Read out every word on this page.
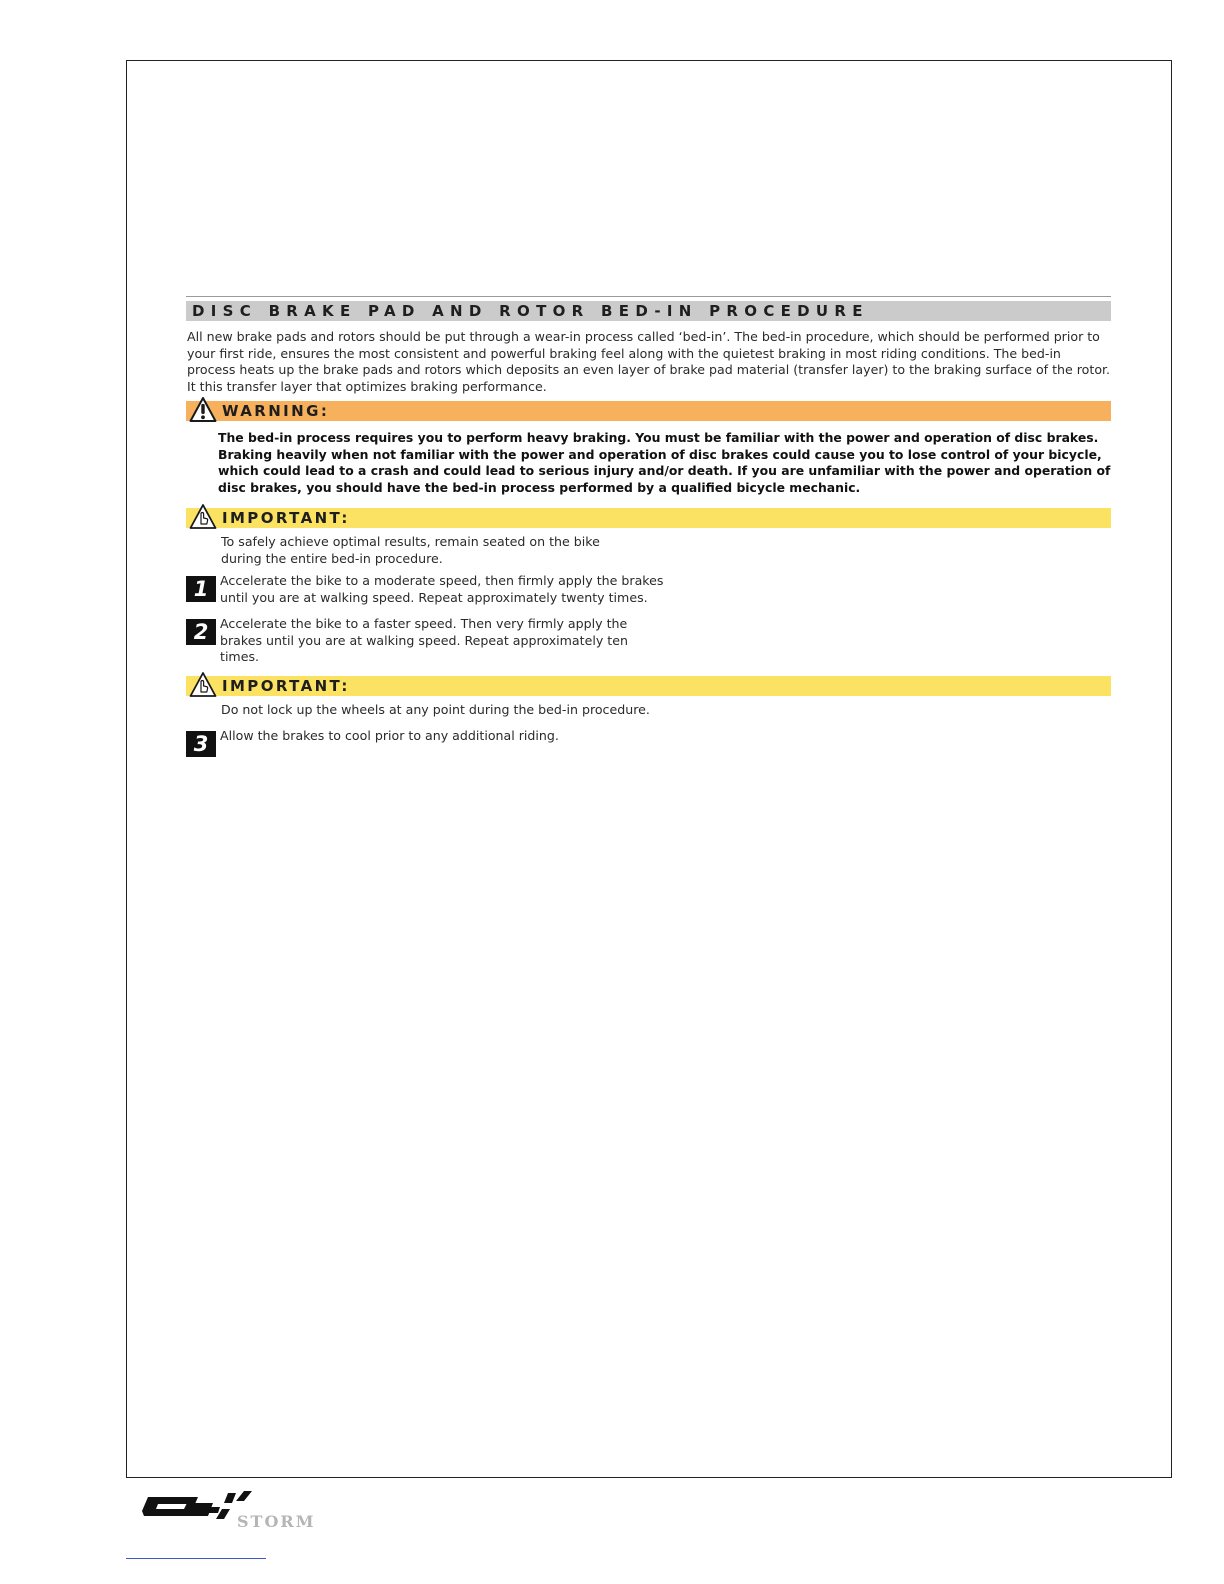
DISC BRAKE PAD AND ROTOR BED-IN PROCEDURE

All new brake pads and rotors should be put through a wear-in process called ‘bed-in’. The bed-in procedure, which should be performed prior to your first ride, ensures the most consistent and powerful braking feel along with the quietest braking in most riding conditions. The bed-in process heats up the brake pads and rotors which deposits an even layer of brake pad material (transfer layer) to the braking surface of the rotor. It this transfer layer that optimizes braking performance.

WARNING:

The bed-in process requires you to perform heavy braking. You must be familiar with the power and operation of disc brakes. Braking heavily when not familiar with the power and operation of disc brakes could cause you to lose control of your bicycle, which could lead to a crash and could lead to serious injury and/or death. If you are unfamiliar with the power and operation of disc brakes, you should have the bed-in process performed by a qualified bicycle mechanic.

IMPORTANT:

To safely achieve optimal results, remain seated on the bike during the entire bed-in procedure.

1 Accelerate the bike to a moderate speed, then firmly apply the brakes until you are at walking speed. Repeat approximately twenty times.
2 Accelerate the bike to a faster speed. Then very firmly apply the brakes until you are at walking speed. Repeat approximately ten times.
IMPORTANT:

Do not lock up the wheels at any point during the bed-in procedure.

3 Allow the brakes to cool prior to any additional riding.
STORM
